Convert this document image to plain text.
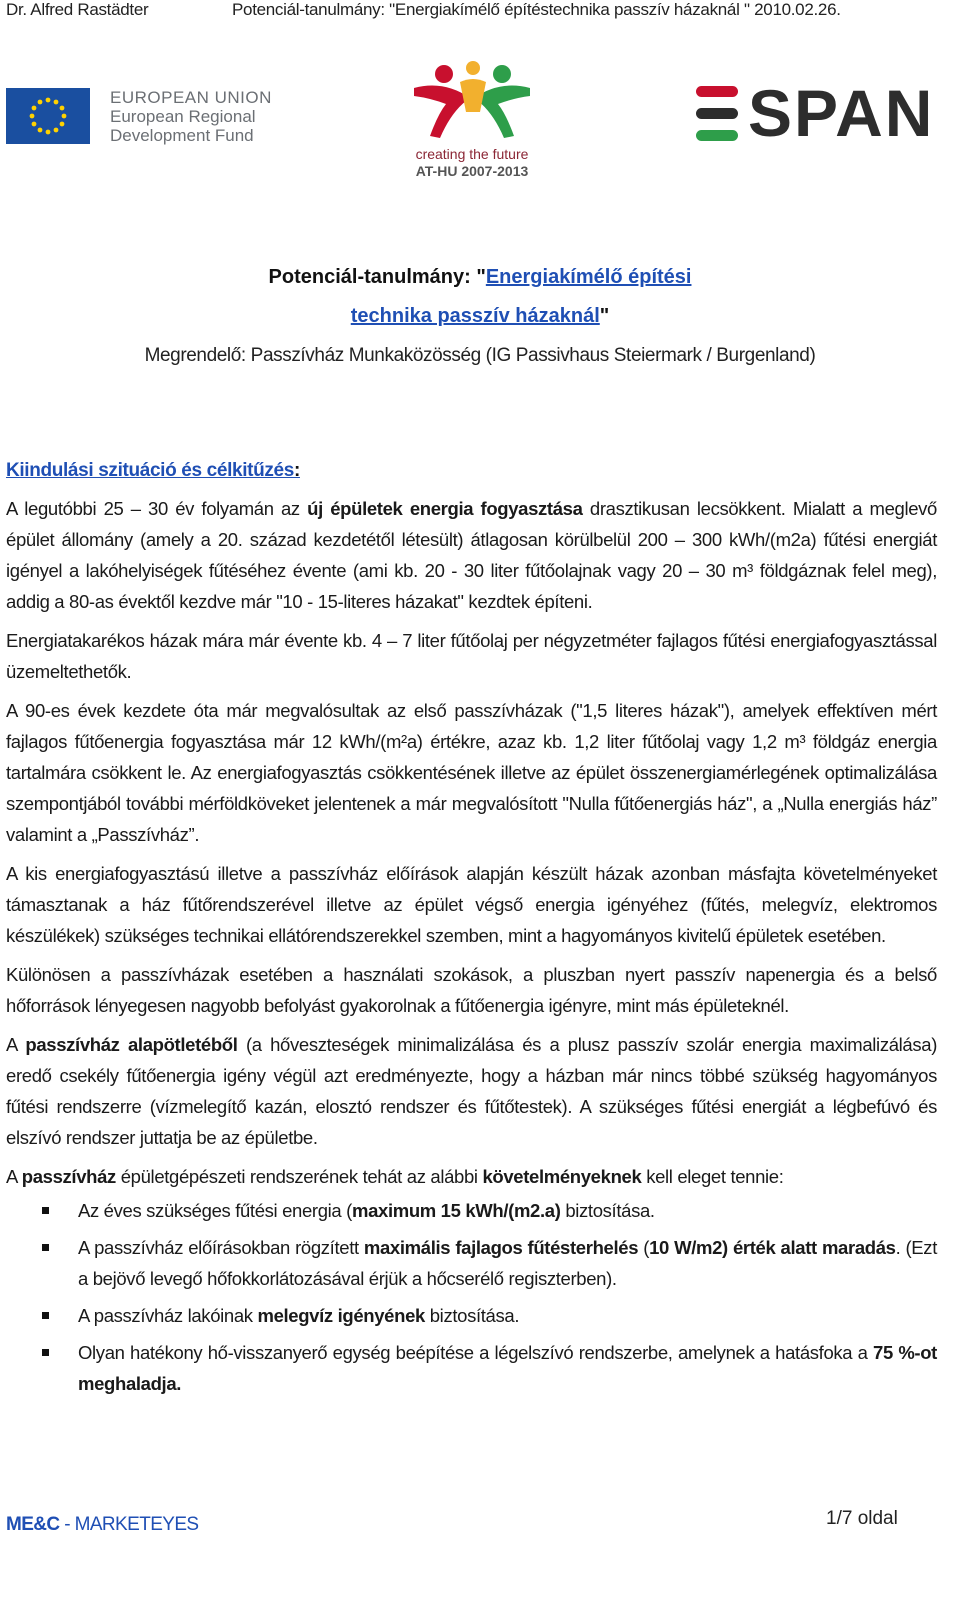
Dr. Alfred Rastädter	Potenciál-tanulmány: "Energiakímélő építéstechnika passzív házaknál " 2010.02.26.
EUROPEAN UNION
European Regional
Development Fund
creating the future
AT-HU 2007-2013
SPAN
Potenciál-tanulmány: "Energiakímélő építési
technika passzív házaknál"
Megrendelő: Passzívház Munkaközösség (IG Passivhaus Steiermark / Burgenland)
Kiindulási szituáció és célkitűzés:

A legutóbbi 25 – 30 év folyamán az új épületek energia fogyasztása drasztikusan lecsökkent. Mialatt a meglevő épület állomány (amely a 20. század kezdetétől létesült) átlagosan körülbelül 200 – 300 kWh/(m2a) fűtési energiát igényel a lakóhelyiségek fűtéséhez évente (ami kb. 20 - 30 liter fűtőolajnak vagy 20 – 30 m³ földgáznak felel meg), addig a 80-as évektől kezdve már "10 - 15-literes házakat" kezdtek építeni.

Energiatakarékos házak mára már évente kb. 4 – 7 liter fűtőolaj per négyzetméter fajlagos fűtési energiafogyasztással üzemeltethetők.

A 90-es évek kezdete óta már megvalósultak az első passzívházak ("1,5 literes házak"), amelyek effektíven mért fajlagos fűtőenergia fogyasztása már 12 kWh/(m²a) értékre, azaz kb. 1,2 liter fűtőolaj vagy 1,2 m³ földgáz energia tartalmára csökkent le. Az energiafogyasztás csökkentésének illetve az épület összenergiamérlegének optimalizálása szempontjából további mérföldköveket jelentenek a már megvalósított "Nulla fűtőenergiás ház", a „Nulla energiás ház” valamint a „Passzívház”.

A kis energiafogyasztású illetve a passzívház előírások alapján készült házak azonban másfajta követelményeket támasztanak a ház fűtőrendszerével illetve az épület végső energia igényéhez (fűtés, melegvíz, elektromos készülékek) szükséges technikai ellátórendszerekkel szemben, mint a hagyományos kivitelű épületek esetében.

Különösen a passzívházak esetében a használati szokások, a pluszban nyert passzív napenergia és a belső hőforrások lényegesen nagyobb befolyást gyakorolnak a fűtőenergia igényre, mint más épületeknél.

A passzívház alapötletéből (a hőveszteségek minimalizálása és a plusz passzív szolár energia maximalizálása) eredő csekély fűtőenergia igény végül azt eredményezte, hogy a házban már nincs többé szükség hagyományos fűtési rendszerre (vízmelegítő kazán, elosztó rendszer és fűtőtestek). A szükséges fűtési energiát a légbefúvó és elszívó rendszer juttatja be az épületbe.

A passzívház épületgépészeti rendszerének tehát az alábbi követelményeknek kell eleget tennie:

Az éves szükséges fűtési energia (maximum 15 kWh/(m2.a) biztosítása.
A passzívház előírásokban rögzített maximális fajlagos fűtésterhelés (10 W/m2) érték alatt maradás. (Ezt a bejövő levegő hőfokkorlátozásával érjük a hőcserélő regiszterben).
A passzívház lakóinak melegvíz igényének biztosítása.
Olyan hatékony hő-visszanyerő egység beépítése a légelszívó rendszerbe, amelynek a hatásfoka a 75 %-ot meghaladja.
ME&C - MARKETEYES	1/7 oldal
